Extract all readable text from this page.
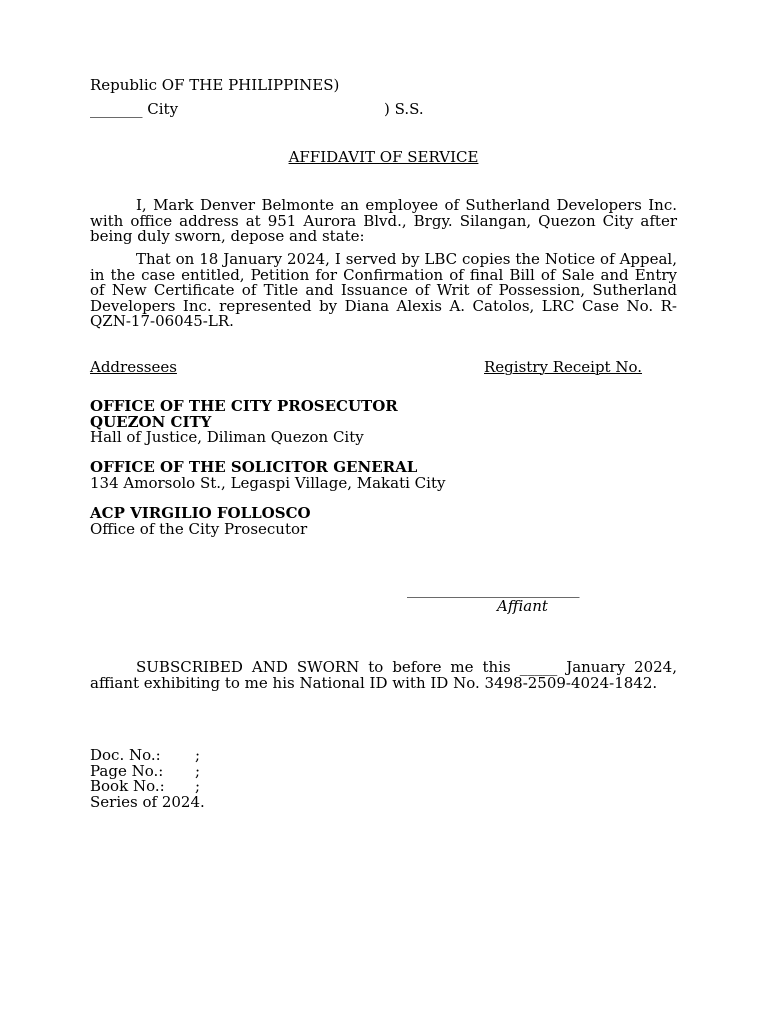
Republic OF THE PHILIPPINES)
_______ City	) S.S.
AFFIDAVIT OF SERVICE
I, Mark Denver Belmonte an employee of Sutherland Developers Inc.
with office address at 951 Aurora Blvd., Brgy. Silangan, Quezon City after
being duly sworn, depose and state:
That on 18 January 2024, I served by LBC copies the Notice of Appeal,
in the case entitled, Petition for Confirmation of final Bill of Sale and Entry
of New Certificate of Title and Issuance of Writ of Possession, Sutherland
Developers Inc. represented by Diana Alexis A. Catolos, LRC Case No. R-
QZN-17-06045-LR.
Addressees	Registry Receipt No.
OFFICE OF THE CITY PROSECUTOR
QUEZON CITY
Hall of Justice, Diliman Quezon City
OFFICE OF THE SOLICITOR GENERAL
134 Amorsolo St., Legaspi Village, Makati City
ACP VIRGILIO FOLLOSCO
Office of the City Prosecutor
_______________________
Affiant
SUBSCRIBED AND SWORN to before me this _____ January 2024,
affiant exhibiting to me his National ID with ID No. 3498-2509-4024-1842.
Doc. No.: ;
Page No.: ;
Book No.: ;
Series of 2024.
